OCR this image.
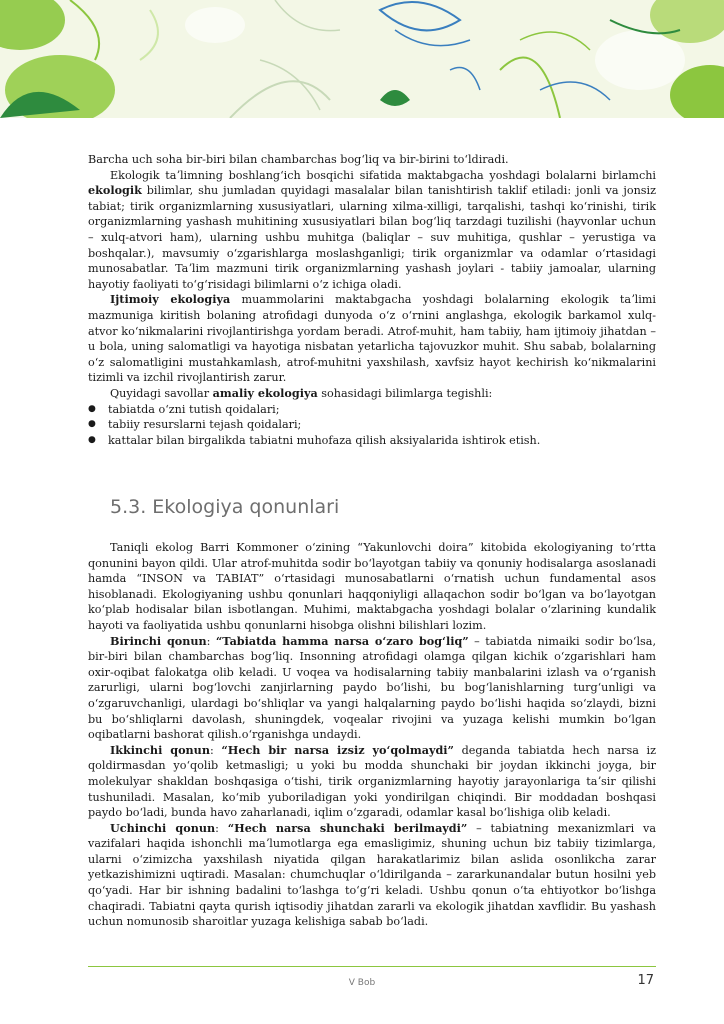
Barcha uch soha bir-biri bilan chambarchas bogʻliq va bir-birini toʻldiradi.

Ekologik taʼlimning boshlangʻich bosqichi sifatida maktabgacha yoshdagi bolalarni birlamchi ekologik bilimlar, shu jumladan quyidagi masalalar bilan tanishtirish taklif etiladi: jonli va jonsiz tabiat; tirik organizmlarning xususiyatlari, ularning xilma-xilligi, tarqalishi, tashqi koʻrinishi, tirik organizmlarning yashash muhitining xususiyatlari bilan bogʻliq tarzdagi tuzilishi (hayvonlar uchun – xulq-atvori ham), ularning ushbu muhitga (baliqlar – suv muhitiga, qushlar – yerustiga va boshqalar.), mavsumiy oʻzgarishlarga moslashganligi; tirik organizmlar va odamlar oʻrtasidagi munosabatlar. Taʼlim mazmuni tirik organizmlarning yashash joylari - tabiiy jamoalar, ularning hayotiy faoliyati toʻgʻrisidagi bilimlarni oʻz ichiga oladi.

Ijtimoiy ekologiya muammolarini maktabgacha yoshdagi bolalarning ekologik taʼlimi mazmuniga kiritish bolaning atrofidagi dunyoda oʻz oʻrnini anglashga, ekologik barkamol xulq-atvor koʻnikmalarini rivojlantirishga yordam beradi. Atrof-muhit, ham tabiiy, ham ijtimoiy jihatdan – u bola, uning salomatligi va hayotiga nisbatan yetarlicha tajovuzkor muhit. Shu sabab, bolalarning oʻz salomatligini mustahkamlash, atrof-muhitni yaxshilash, xavfsiz hayot kechirish koʻnikmalarini tizimli va izchil rivojlantirish zarur.

Quyidagi savollar amaliy ekologiya sohasidagi bilimlarga tegishli:

● tabiatda oʻzni tutish qoidalari;
● tabiiy resurslarni tejash qoidalari;
● kattalar bilan birgalikda tabiatni muhofaza qilish aksiyalarida ishtirok etish.
5.3. Ekologiya qonunlari

Taniqli ekolog Barri Kommoner oʻzining “Yakunlovchi doira” kitobida ekologiyaning toʻrtta qonunini bayon qildi. Ular atrof-muhitda sodir boʻlayotgan tabiiy va qonuniy hodisalarga asoslanadi hamda “INSON va TABIAT” oʻrtasidagi munosabatlarni oʻrnatish uchun fundamental asos hisoblanadi. Ekologiyaning ushbu qonunlari haqqoniyligi allaqachon sodir boʻlgan va boʻlayotgan koʻplab hodisalar bilan isbotlangan. Muhimi, maktabgacha yoshdagi bolalar oʻzlarining kundalik hayoti va faoliyatida ushbu qonunlarni hisobga olishni bilishlari lozim.

Birinchi qonun: “Tabiatda hamma narsa oʻzaro bogʻliq” – tabiatda nimaiki sodir boʻlsa, bir-biri bilan chambarchas bogʻliq. Insonning atrofidagi olamga qilgan kichik oʻzgarishlari ham oxir-oqibat falokatga olib keladi. U voqea va hodisalarning tabiiy manbalarini izlash va oʻrganish zarurligi, ularni bogʻlovchi zanjirlarning paydo boʻlishi, bu bogʻlanishlarning turgʻunligi va oʻzgaruvchanligi, ulardagi boʻshliqlar va yangi halqalarning paydo boʻlishi haqida soʻzlaydi, bizni bu boʻshliqlarni davolash, shuningdek, voqealar rivojini va yuzaga kelishi mumkin boʻlgan oqibatlarni bashorat qilish.oʻrganishga undaydi.

Ikkinchi qonun: “Hech bir narsa izsiz yoʻqolmaydi” deganda tabiatda hech narsa iz qoldirmasdan yoʻqolib ketmasligi; u yoki bu modda shunchaki bir joydan ikkinchi joyga, bir molekulyar shakldan boshqasiga oʻtishi, tirik organizmlarning hayotiy jarayonlariga taʼsir qilishi tushuniladi. Masalan, koʻmib yuboriladigan yoki yondirilgan chiqindi. Bir moddadan boshqasi paydo boʻladi, bunda havo zaharlanadi, iqlim oʻzgaradi, odamlar kasal boʻlishiga olib keladi.

Uchinchi qonun: “Hech narsa shunchaki berilmaydi” – tabiatning mexanizmlari va vazifalari haqida ishonchli maʼlumotlarga ega emasligimiz, shuning uchun biz tabiiy tizimlarga, ularni oʻzimizcha yaxshilash niyatida qilgan harakatlarimiz bilan aslida osonlikcha zarar yetkazishimizni uqtiradi. Masalan: chumchuqlar oʻldirilganda – zararkunandalar butun hosilni yeb qoʻyadi. Har bir ishning badalini toʻlashga toʻgʻri keladi. Ushbu qonun oʻta ehtiyotkor boʻlishga chaqiradi. Tabiatni qayta qurish iqtisodiy jihatdan zararli va ekologik jihatdan xavflidir. Bu yashash uchun nomunosib sharoitlar yuzaga kelishiga sabab boʻladi.

V Bob	17
